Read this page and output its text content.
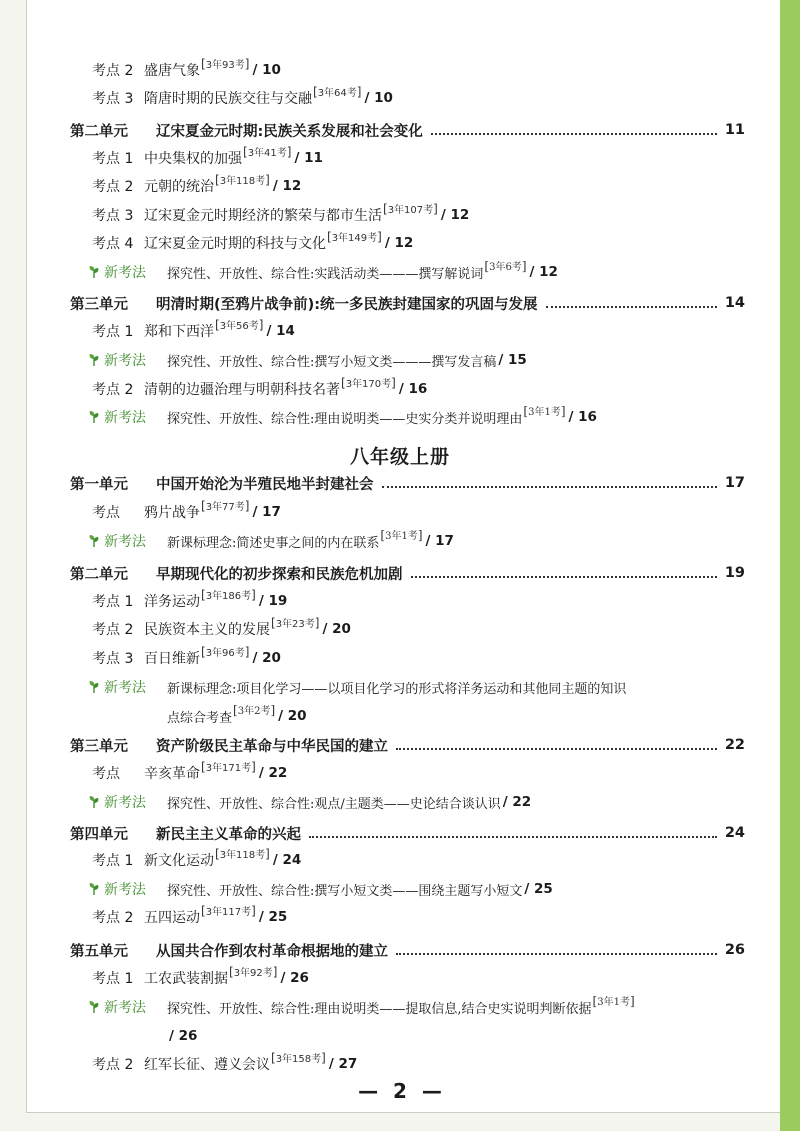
考点 2 盛唐气象 [3年93考] / 10
考点 3 隋唐时期的民族交往与交融 [3年64考] / 10
第二单元 辽宋夏金元时期:民族关系发展和社会变化	11
考点 1 中央集权的加强 [3年41考] / 11
考点 2 元朝的统治 [3年118考] / 12
考点 3 辽宋夏金元时期经济的繁荣与都市生活 [3年107考] / 12
考点 4 辽宋夏金元时期的科技与文化 [3年149考] / 12
新考法 探究性、开放性、综合性:实践活动类———撰写解说词
[3年6考] / 12
第三单元 明清时期(至鸦片战争前):统一多民族封建国家的巩固与发展	14
考点 1 郑和下西洋 [3年56考] / 14
新考法 探究性、开放性、综合性:撰写小短文类———撰写发言稿 / 15
考点 2 清朝的边疆治理与明朝科技名著 [3年170考] / 16
新考法 探究性、开放性、综合性:理由说明类——史实分类并说明理由
[3年1考] / 16
八年级上册
第一单元 中国开始沦为半殖民地半封建社会	17
考点 鸦片战争 [3年77考] / 17
新考法 新课标理念:简述史事之间的内在联系
[3年1考] / 17
第二单元 早期现代化的初步探索和民族危机加剧	19
考点 1 洋务运动 [3年186考] / 19
考点 2 民族资本主义的发展 [3年23考] / 20
考点 3 百日维新 [3年96考] / 20
新考法 新课标理念:项目化学习——以项目化学习的形式将洋务运动和其他同主题的知识
点综合考查
[3年2考] / 20
第三单元 资产阶级民主革命与中华民国的建立	22
考点 辛亥革命 [3年171考] / 22
新考法 探究性、开放性、综合性:观点/主题类——史论结合谈认识 / 22
第四单元 新民主主义革命的兴起	24
考点 1 新文化运动 [3年118考] / 24
新考法 探究性、开放性、综合性:撰写小短文类——围绕主题写小短文 / 25
考点 2 五四运动 [3年117考] / 25
第五单元 从国共合作到农村革命根据地的建立	26
考点 1 工农武装割据 [3年92考] / 26
新考法 探究性、开放性、综合性:理由说明类——提取信息,结合史实说明判断依据
[3年1考]
/ 26
考点 2 红军长征、遵义会议 [3年158考] / 27
— 2 —
